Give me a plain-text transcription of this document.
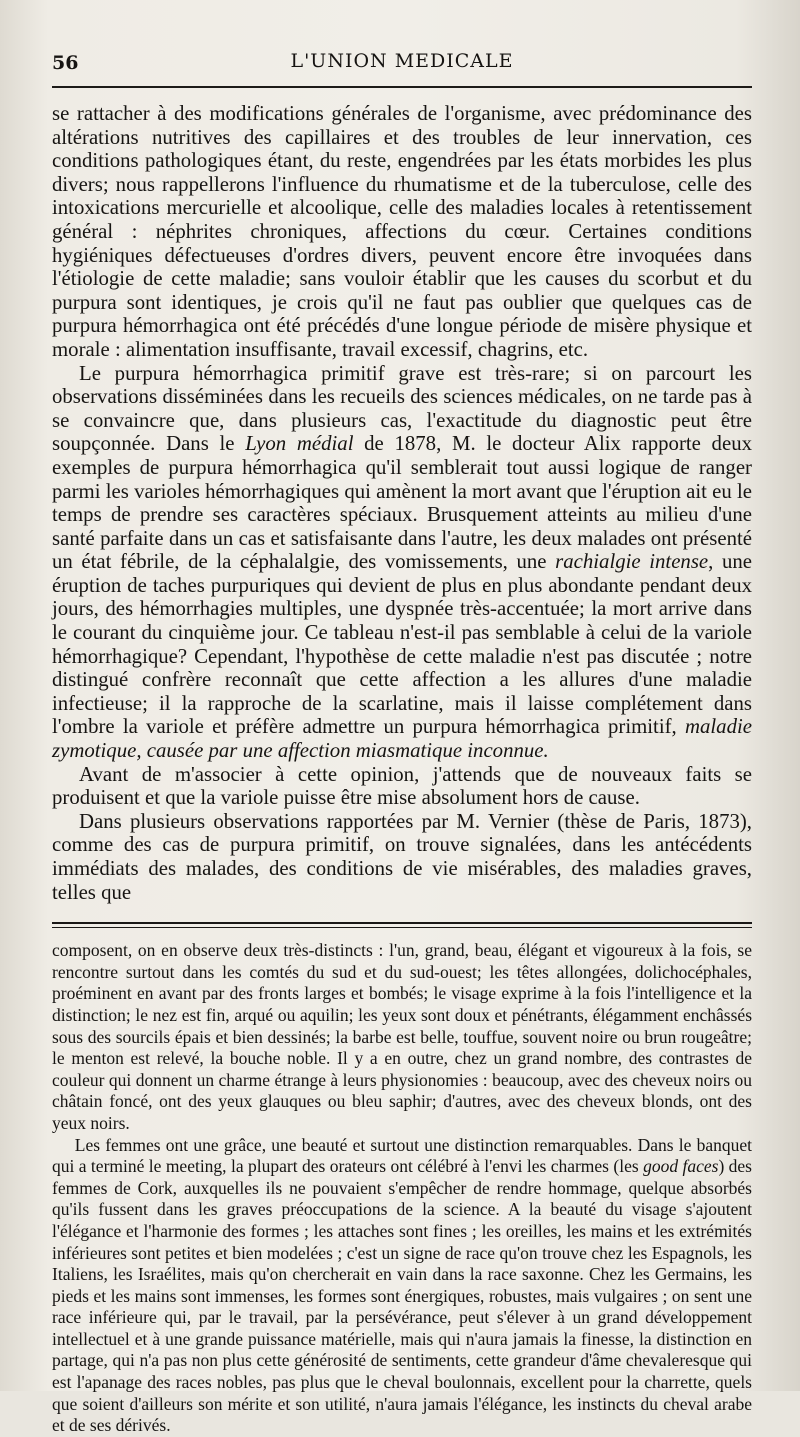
56	L'UNION MEDICALE

se rattacher à des modifications générales de l'organisme, avec prédominance des altérations nutritives des capillaires et des troubles de leur innervation, ces conditions pathologiques étant, du reste, engendrées par les états morbides les plus divers; nous rappellerons l'influence du rhumatisme et de la tuberculose, celle des intoxications mercurielle et alcoolique, celle des maladies locales à retentissement général : néphrites chroniques, affections du cœur. Certaines conditions hygiéniques défectueuses d'ordres divers, peuvent encore être invoquées dans l'étiologie de cette maladie; sans vouloir établir que les causes du scorbut et du purpura sont identiques, je crois qu'il ne faut pas oublier que quelques cas de purpura hémorrhagica ont été précédés d'une longue période de misère physique et morale : alimentation insuffisante, travail excessif, chagrins, etc.

Le purpura hémorrhagica primitif grave est très-rare; si on parcourt les observations disséminées dans les recueils des sciences médicales, on ne tarde pas à se convaincre que, dans plusieurs cas, l'exactitude du diagnostic peut être soupçonnée. Dans le Lyon médial de 1878, M. le docteur Alix rapporte deux exemples de purpura hémorrhagica qu'il semblerait tout aussi logique de ranger parmi les varioles hémorrhagiques qui amènent la mort avant que l'éruption ait eu le temps de prendre ses caractères spéciaux. Brusquement atteints au milieu d'une santé parfaite dans un cas et satisfaisante dans l'autre, les deux malades ont présenté un état fébrile, de la céphalalgie, des vomissements, une rachialgie intense, une éruption de taches purpuriques qui devient de plus en plus abondante pendant deux jours, des hémorrhagies multiples, une dyspnée très-accentuée; la mort arrive dans le courant du cinquième jour. Ce tableau n'est-il pas semblable à celui de la variole hémorrhagique? Cependant, l'hypothèse de cette maladie n'est pas discutée ; notre distingué confrère reconnaît que cette affection a les allures d'une maladie infectieuse; il la rapproche de la scarlatine, mais il laisse complétement dans l'ombre la variole et préfère admettre un purpura hémorrhagica primitif, maladie zymotique, causée par une affection miasmatique inconnue.

Avant de m'associer à cette opinion, j'attends que de nouveaux faits se produisent et que la variole puisse être mise absolument hors de cause.

Dans plusieurs observations rapportées par M. Vernier (thèse de Paris, 1873), comme des cas de purpura primitif, on trouve signalées, dans les antécédents immédiats des malades, des conditions de vie misérables, des maladies graves, telles que

composent, on en observe deux très-distincts : l'un, grand, beau, élégant et vigoureux à la fois, se rencontre surtout dans les comtés du sud et du sud-ouest; les têtes allongées, dolichocéphales, proéminent en avant par des fronts larges et bombés; le visage exprime à la fois l'intelligence et la distinction; le nez est fin, arqué ou aquilin; les yeux sont doux et pénétrants, élégamment enchâssés sous des sourcils épais et bien dessinés; la barbe est belle, touffue, souvent noire ou brun rougeâtre; le menton est relevé, la bouche noble. Il y a en outre, chez un grand nombre, des contrastes de couleur qui donnent un charme étrange à leurs physionomies : beaucoup, avec des cheveux noirs ou châtain foncé, ont des yeux glauques ou bleu saphir; d'autres, avec des cheveux blonds, ont des yeux noirs.

Les femmes ont une grâce, une beauté et surtout une distinction remarquables. Dans le banquet qui a terminé le meeting, la plupart des orateurs ont célébré à l'envi les charmes (les good faces) des femmes de Cork, auxquelles ils ne pouvaient s'empêcher de rendre hommage, quelque absorbés qu'ils fussent dans les graves préoccupations de la science. A la beauté du visage s'ajoutent l'élégance et l'harmonie des formes ; les attaches sont fines ; les oreilles, les mains et les extrémités inférieures sont petites et bien modelées ; c'est un signe de race qu'on trouve chez les Espagnols, les Italiens, les Israélites, mais qu'on chercherait en vain dans la race saxonne. Chez les Germains, les pieds et les mains sont immenses, les formes sont énergiques, robustes, mais vulgaires ; on sent une race inférieure qui, par le travail, par la persévérance, peut s'élever à un grand développement intellectuel et à une grande puissance matérielle, mais qui n'aura jamais la finesse, la distinction en partage, qui n'a pas non plus cette générosité de sentiments, cette grandeur d'âme chevaleresque qui est l'apanage des races nobles, pas plus que le cheval boulonnais, excellent pour la charrette, quels que soient d'ailleurs son mérite et son utilité, n'aura jamais l'élégance, les instincts du cheval arabe et de ses dérivés.
